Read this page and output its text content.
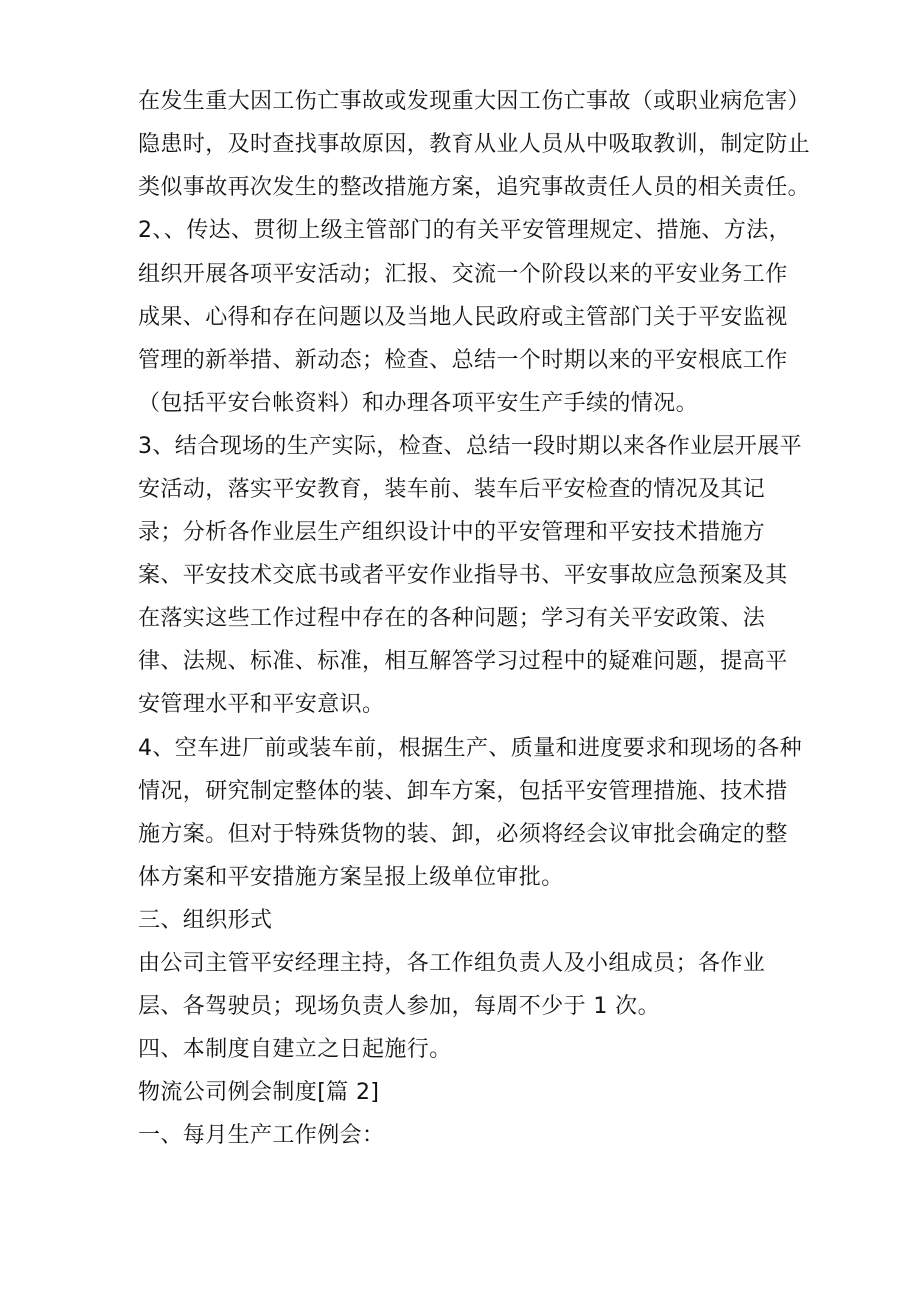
在发生重大因工伤亡事故或发现重大因工伤亡事故（或职业病危害）

隐患时，及时查找事故原因，教育从业人员从中吸取教训，制定防止

类似事故再次发生的整改措施方案，追究事故责任人员的相关责任。

2、、传达、贯彻上级主管部门的有关平安管理规定、措施、方法，

组织开展各项平安活动；汇报、交流一个阶段以来的平安业务工作

成果、心得和存在问题以及当地人民政府或主管部门关于平安监视

管理的新举措、新动态；检查、总结一个时期以来的平安根底工作

（包括平安台帐资料）和办理各项平安生产手续的情况。

3、结合现场的生产实际，检查、总结一段时期以来各作业层开展平

安活动，落实平安教育，装车前、装车后平安检查的情况及其记

录；分析各作业层生产组织设计中的平安管理和平安技术措施方

案、平安技术交底书或者平安作业指导书、平安事故应急预案及其

在落实这些工作过程中存在的各种问题；学习有关平安政策、法

律、法规、标准、标准，相互解答学习过程中的疑难问题，提高平

安管理水平和平安意识。

4、空车进厂前或装车前，根据生产、质量和进度要求和现场的各种

情况，研究制定整体的装、卸车方案，包括平安管理措施、技术措

施方案。但对于特殊货物的装、卸，必须将经会议审批会确定的整

体方案和平安措施方案呈报上级单位审批。

三、组织形式

由公司主管平安经理主持，各工作组负责人及小组成员；各作业

层、各驾驶员；现场负责人参加，每周不少于 1 次。

四、本制度自建立之日起施行。

物流公司例会制度[篇 2]

一、每月生产工作例会：
